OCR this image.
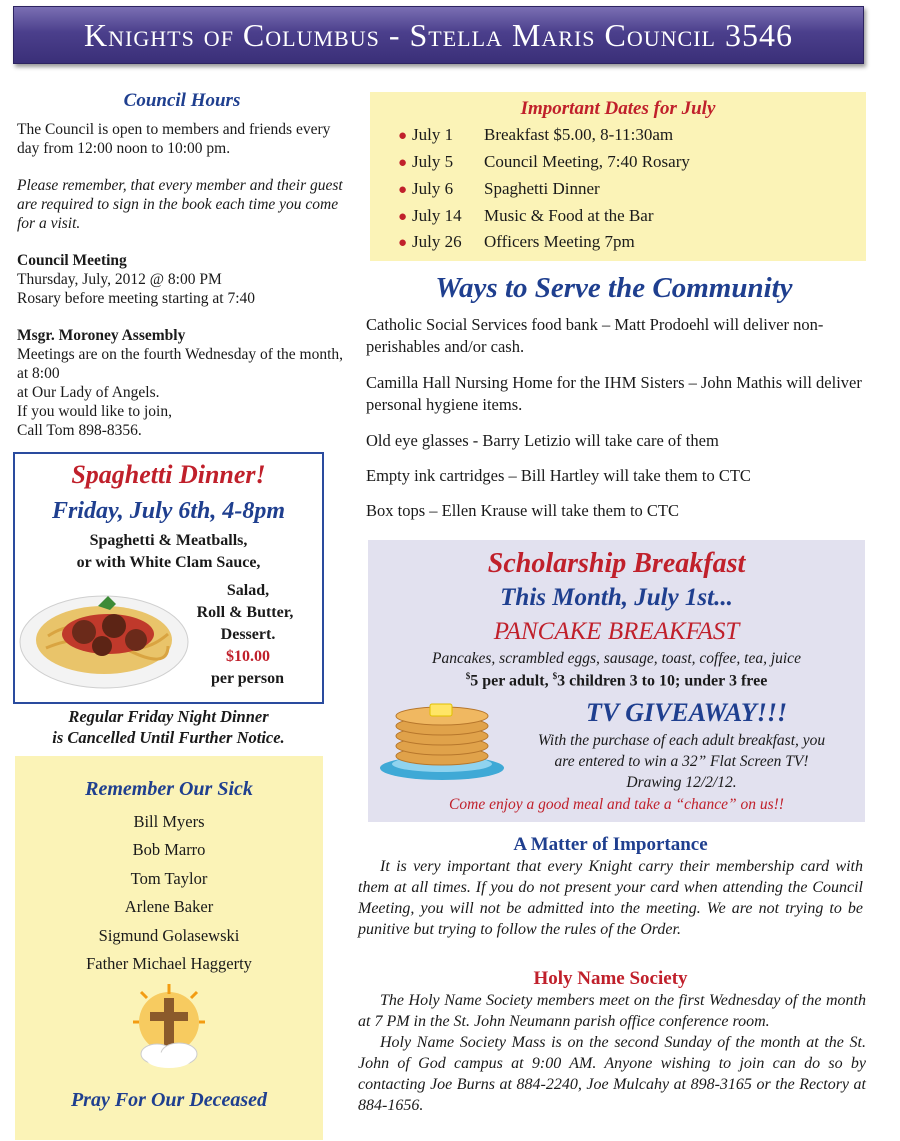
Knights of Columbus - Stella Maris Council 3546
Council Hours

The Council is open to members and friends every day from 12:00 noon to 10:00 pm.

Please remember, that every member and their guest are required to sign in the book each time you come for a visit.

Council Meeting
Thursday, July, 2012 @ 8:00 PM
Rosary before meeting starting at 7:40

Msgr. Moroney Assembly
Meetings are on the fourth Wednesday of the month, at 8:00
at Our Lady of Angels.
If you would like to join,
Call Tom 898-8356.

Spaghetti Dinner!
Friday, July 6th, 4-8pm
Spaghetti & Meatballs,
or with White Clam Sauce,
Salad,
Roll & Butter,
Dessert.
$10.00
per person
Regular Friday Night Dinner
is Cancelled Until Further Notice.
Remember Our Sick
Bill Myers
Bob Marro
Tom Taylor
Arlene Baker
Sigmund Golasewski
Father Michael Haggerty
Pray For Our Deceased
Important Dates for July
● July 1 Breakfast $5.00, 8-11:30am
● July 5 Council Meeting, 7:40 Rosary
● July 6 Spaghetti Dinner
● July 14 Music & Food at the Bar
● July 26 Officers Meeting 7pm
Ways to Serve the Community
Catholic Social Services food bank – Matt Prodoehl will deliver non-perishables and/or cash.
Camilla Hall Nursing Home for the IHM Sisters – John Mathis will deliver personal hygiene items.
Old eye glasses - Barry Letizio will take care of them
Empty ink cartridges – Bill Hartley will take them to CTC
Box tops – Ellen Krause will take them to CTC
Scholarship Breakfast
This Month, July 1st...
PANCAKE BREAKFAST
Pancakes, scrambled eggs, sausage, toast, coffee, tea, juice
$5 per adult, $3 children 3 to 10; under 3 free
TV GIVEAWAY!!!
With the purchase of each adult breakfast, you
are entered to win a 32” Flat Screen TV!
Drawing 12/2/12.
Come enjoy a good meal and take a “chance” on us!!
A Matter of Importance

It is very important that every Knight carry their membership card with them at all times. If you do not present your card when attending the Council Meeting, you will not be admitted into the meeting. We are not trying to be punitive but trying to follow the rules of the Order.

Holy Name Society

The Holy Name Society members meet on the first Wednesday of the month at 7 PM in the St. John Neumann parish office conference room.

Holy Name Society Mass is on the second Sunday of the month at the St. John of God campus at 9:00 AM. Anyone wishing to join can do so by contacting Joe Burns at 884-2240, Joe Mulcahy at 898-3165 or the Rectory at 884-1656.
